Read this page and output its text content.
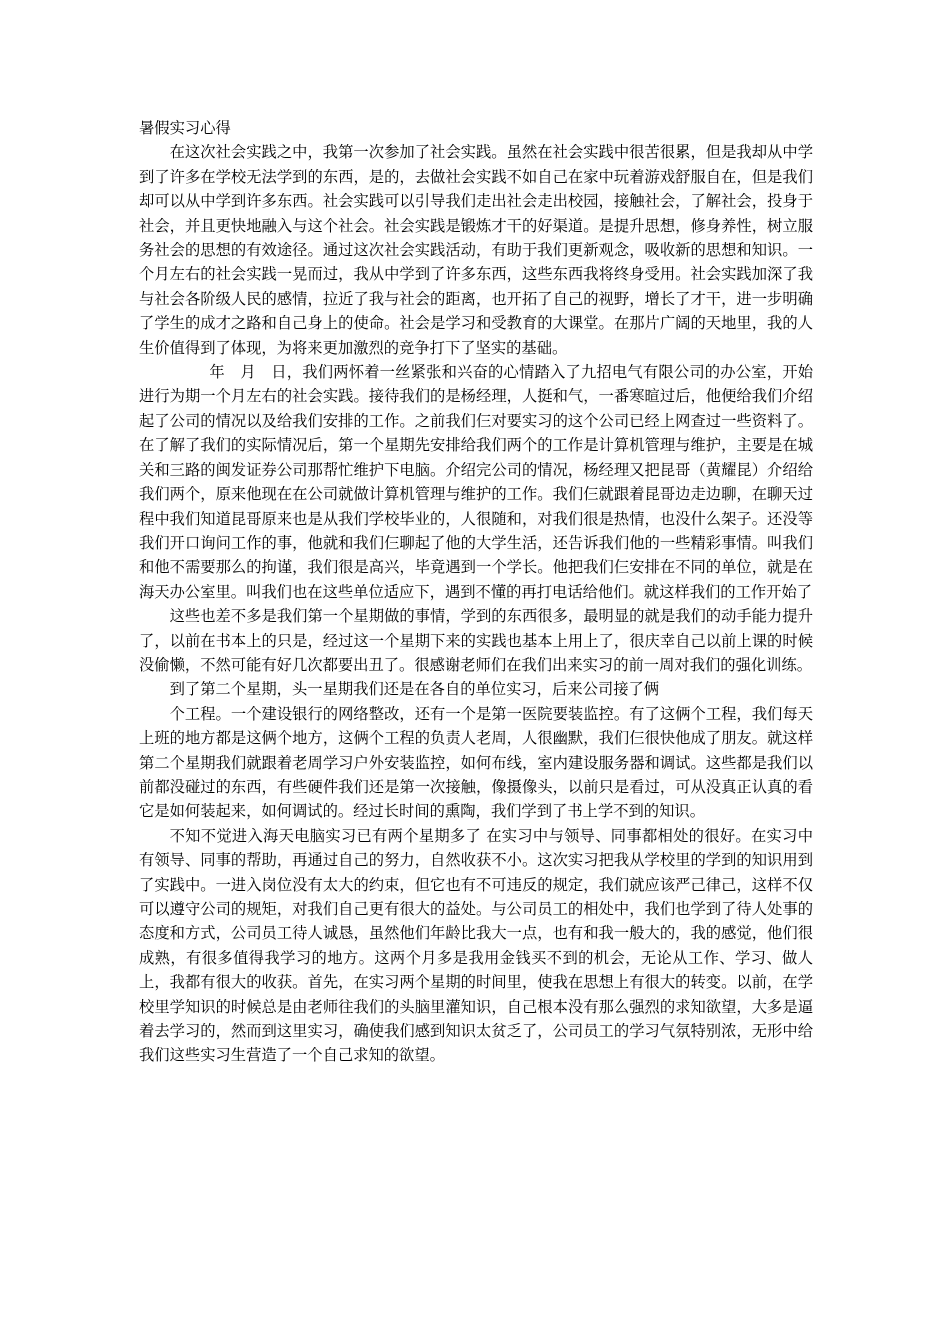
暑假实习心得

在这次社会实践之中，我第一次参加了社会实践。虽然在社会实践中很苦很累，但是我却从中学到了许多在学校无法学到的东西，是的，去做社会实践不如自己在家中玩着游戏舒服自在，但是我们却可以从中学到许多东西。社会实践可以引导我们走出社会走出校园，接触社会，了解社会，投身于社会，并且更快地融入与这个社会。社会实践是锻炼才干的好渠道。是提升思想，修身养性，树立服务社会的思想的有效途径。通过这次社会实践活动，有助于我们更新观念，吸收新的思想和知识。一个月左右的社会实践一晃而过，我从中学到了许多东西，这些东西我将终身受用。社会实践加深了我与社会各阶级人民的感情，拉近了我与社会的距离，也开拓了自己的视野，增长了才干，进一步明确了学生的成才之路和自己身上的使命。社会是学习和受教育的大课堂。在那片广阔的天地里，我的人生价值得到了体现，为将来更加激烈的竞争打下了坚实的基础。

年　月　日，我们两怀着一丝紧张和兴奋的心情踏入了九招电气有限公司的办公室，开始进行为期一个月左右的社会实践。接待我们的是杨经理，人挺和气，一番寒暄过后，他便给我们介绍起了公司的情况以及给我们安排的工作。之前我们仨对要实习的这个公司已经上网查过一些资料了。在了解了我们的实际情况后，第一个星期先安排给我们两个的工作是计算机管理与维护，主要是在城关和三路的闽发证券公司那帮忙维护下电脑。介绍完公司的情况，杨经理又把昆哥（黄耀昆）介绍给我们两个，原来他现在在公司就做计算机管理与维护的工作。我们仨就跟着昆哥边走边聊，在聊天过程中我们知道昆哥原来也是从我们学校毕业的，人很随和，对我们很是热情，也没什么架子。还没等我们开口询问工作的事，他就和我们仨聊起了他的大学生活，还告诉我们他的一些精彩事情。叫我们和他不需要那么的拘谨，我们很是高兴，毕竟遇到一个学长。他把我们仨安排在不同的单位，就是在海天办公室里。叫我们也在这些单位适应下，遇到不懂的再打电话给他们。就这样我们的工作开始了

这些也差不多是我们第一个星期做的事情，学到的东西很多，最明显的就是我们的动手能力提升了，以前在书本上的只是，经过这一个星期下来的实践也基本上用上了，很庆幸自己以前上课的时候没偷懒，不然可能有好几次都要出丑了。很感谢老师们在我们出来实习的前一周对我们的强化训练。

到了第二个星期，头一星期我们还是在各自的单位实习，后来公司接了俩

个工程。一个建设银行的网络整改，还有一个是第一医院要装监控。有了这俩个工程，我们每天上班的地方都是这俩个地方，这俩个工程的负责人老周，人很幽默，我们仨很快他成了朋友。就这样第二个星期我们就跟着老周学习户外安装监控，如何布线，室内建设服务器和调试。这些都是我们以前都没碰过的东西，有些硬件我们还是第一次接触，像摄像头，以前只是看过，可从没真正认真的看它是如何装起来，如何调试的。经过长时间的熏陶，我们学到了书上学不到的知识。

不知不觉进入海天电脑实习已有两个星期多了 在实习中与领导、同事都相处的很好。在实习中有领导、同事的帮助，再通过自己的努力，自然收获不小。这次实习把我从学校里的学到的知识用到了实践中。一进入岗位没有太大的约束，但它也有不可违反的规定，我们就应该严己律己，这样不仅可以遵守公司的规矩，对我们自己更有很大的益处。与公司员工的相处中，我们也学到了待人处事的态度和方式，公司员工待人诚恳，虽然他们年龄比我大一点，也有和我一般大的，我的感觉，他们很成熟，有很多值得我学习的地方。这两个月多是我用金钱买不到的机会，无论从工作、学习、做人上，我都有很大的收获。首先，在实习两个星期的时间里，使我在思想上有很大的转变。以前，在学校里学知识的时候总是由老师往我们的头脑里灌知识，自己根本没有那么强烈的求知欲望，大多是逼着去学习的，然而到这里实习，确使我们感到知识太贫乏了，公司员工的学习气氛特别浓，无形中给我们这些实习生营造了一个自己求知的欲望。
